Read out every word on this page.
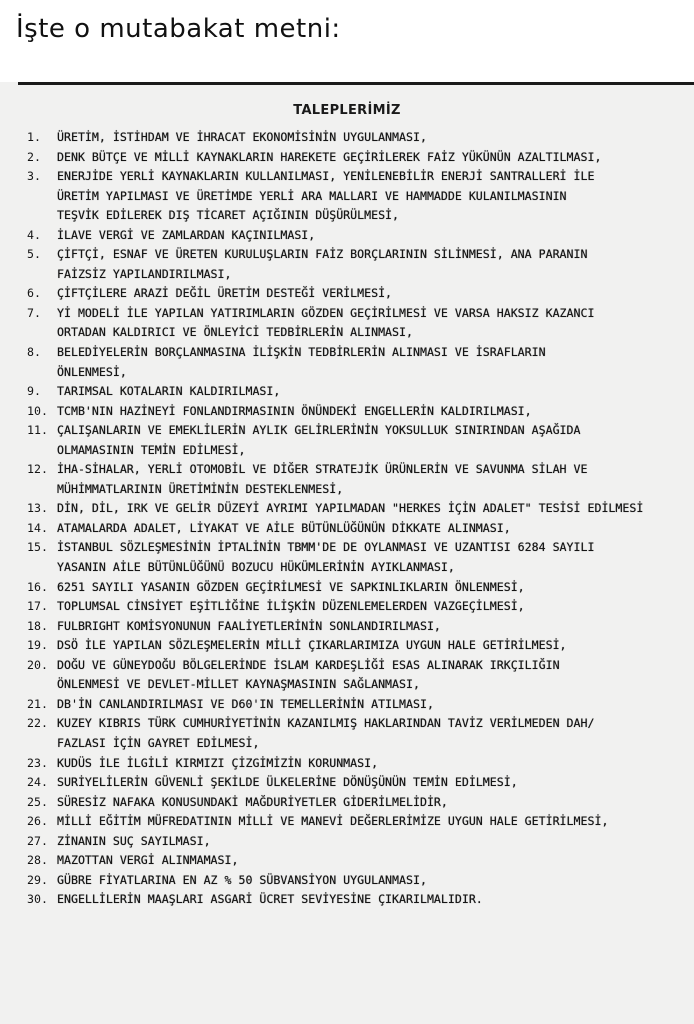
İşte o mutabakat metni:
TALEPLERİMİZ
1.	ÜRETİM, İSTİHDAM VE İHRACAT EKONOMİSİNİN UYGULANMASI,
2.	DENK BÜTÇE VE MİLLİ KAYNAKLARIN HAREKETE GEÇİRİLEREK FAİZ YÜKÜNÜN AZALTILMASI,
3.	ENERJİDE YERLİ KAYNAKLARIN KULLANILMASI, YENİLENEBİLİR ENERJİ SANTRALLERİ İLE
ÜRETİM YAPILMASI VE ÜRETİMDE YERLİ ARA MALLARI VE HAMMADDE KULANILMASININ
TEŞVİK EDİLEREK DIŞ TİCARET AÇIĞININ DÜŞÜRÜLMESİ,
4.	İLAVE VERGİ VE ZAMLARDAN KAÇINILMASI,
5.	ÇİFTÇİ, ESNAF VE ÜRETEN KURULUŞLARIN FAİZ BORÇLARININ SİLİNMESİ, ANA PARANIN
FAİZSİZ YAPILANDIRILMASI,
6.	ÇİFTÇİLERE ARAZİ DEĞİL ÜRETİM DESTEĞİ VERİLMESİ,
7.	Yİ MODELİ İLE YAPILAN YATIRIMLARIN GÖZDEN GEÇİRİLMESİ VE VARSA HAKSIZ KAZANCI
ORTADAN KALDIRICI VE ÖNLEYİCİ TEDBİRLERİN ALINMASI,
8.	BELEDİYELERİN BORÇLANMASINA İLİŞKİN TEDBİRLERİN ALINMASI VE İSRAFLARIN
ÖNLENMESİ,
9.	TARIMSAL KOTALARIN KALDIRILMASI,
10. TCMB'NIN HAZİNEYİ FONLANDIRMASININ ÖNÜNDEKİ ENGELLERİN KALDIRILMASI,
11. ÇALIŞANLARIN VE EMEKLİLERİN AYLIK GELİRLERİNİN YOKSULLUK SINIRINDAN AŞAĞIDA
OLMAMASININ TEMİN EDİLMESİ,
12. İHA-SİHALAR, YERLİ OTOMOBİL VE DİĞER STRATEJİK ÜRÜNLERİN VE SAVUNMA SİLAH VE
MÜHİMMATLARININ ÜRETİMİNİN DESTEKLENMESİ,
13. DİN, DİL, IRK VE GELİR DÜZEYİ AYRIMI YAPILMADAN "HERKES İÇİN ADALET" TESİSİ EDİLMESİ
14. ATAMALARDA ADALET, LİYAKAT VE AİLE BÜTÜNLÜĞÜNÜN DİKKATE ALINMASI,
15. İSTANBUL SÖZLEŞMESİNİN İPTALİNİN TBMM'DE DE OYLANMASI VE UZANTISI 6284 SAYILI
YASANIN AİLE BÜTÜNLÜĞÜNÜ BOZUCU HÜKÜMLERİNİN AYIKLANMASI,
16. 6251 SAYILI YASANIN GÖZDEN GEÇİRİLMESİ VE SAPKINLIKLARIN ÖNLENMESİ,
17. TOPLUMSAL CİNSİYET EŞİTLİĞİNE İLİŞKİN DÜZENLEMELERDEN VAZGEÇİLMESİ,
18. FULBRIGHT KOMİSYONUNUN FAALİYETLERİNİN SONLANDIRILMASI,
19. DSÖ İLE YAPILAN SÖZLEŞMELERİN MİLLİ ÇIKARLARIMIZA UYGUN HALE GETİRİLMESİ,
20. DOĞU VE GÜNEYDOĞU BÖLGELERİNDE İSLAM KARDEŞLİĞİ ESAS ALINARAK IRKÇILIĞIN
ÖNLENMESİ VE DEVLET-MİLLET KAYNAŞMASININ SAĞLANMASI,
21. DB'İN CANLANDIRILMASI VE D60'IN TEMELLERİNİN ATILMASI,
22. KUZEY KIBRIS TÜRK CUMHURİYETİNİN KAZANILMIŞ HAKLARINDAN TAVİZ VERİLMEDEN DAH/
FAZLASI İÇİN GAYRET EDİLMESİ,
23. KUDÜS İLE İLGİLİ KIRMIZI ÇİZGİMİZİN KORUNMASI,
24. SURİYELİLERİN GÜVENLİ ŞEKİLDE ÜLKELERİNE DÖNÜŞÜNÜN TEMİN EDİLMESİ,
25. SÜRESİZ NAFAKA KONUSUNDAKİ MAĞDURİYETLER GİDERİLMELİDİR,
26. MİLLİ EĞİTİM MÜFREDATININ MİLLİ VE MANEVİ DEĞERLERİMİZE UYGUN HALE GETİRİLMESİ,
27. ZİNANIN SUÇ SAYILMASI,
28. MAZOTTAN VERGİ ALINMAMASI,
29. GÜBRE FİYATLARINA EN AZ % 50 SÜBVANSİYON UYGULANMASI,
30. ENGELLİLERİN MAAŞLARI ASGARİ ÜCRET SEVİYESİNE ÇIKARILMALIDIR.
